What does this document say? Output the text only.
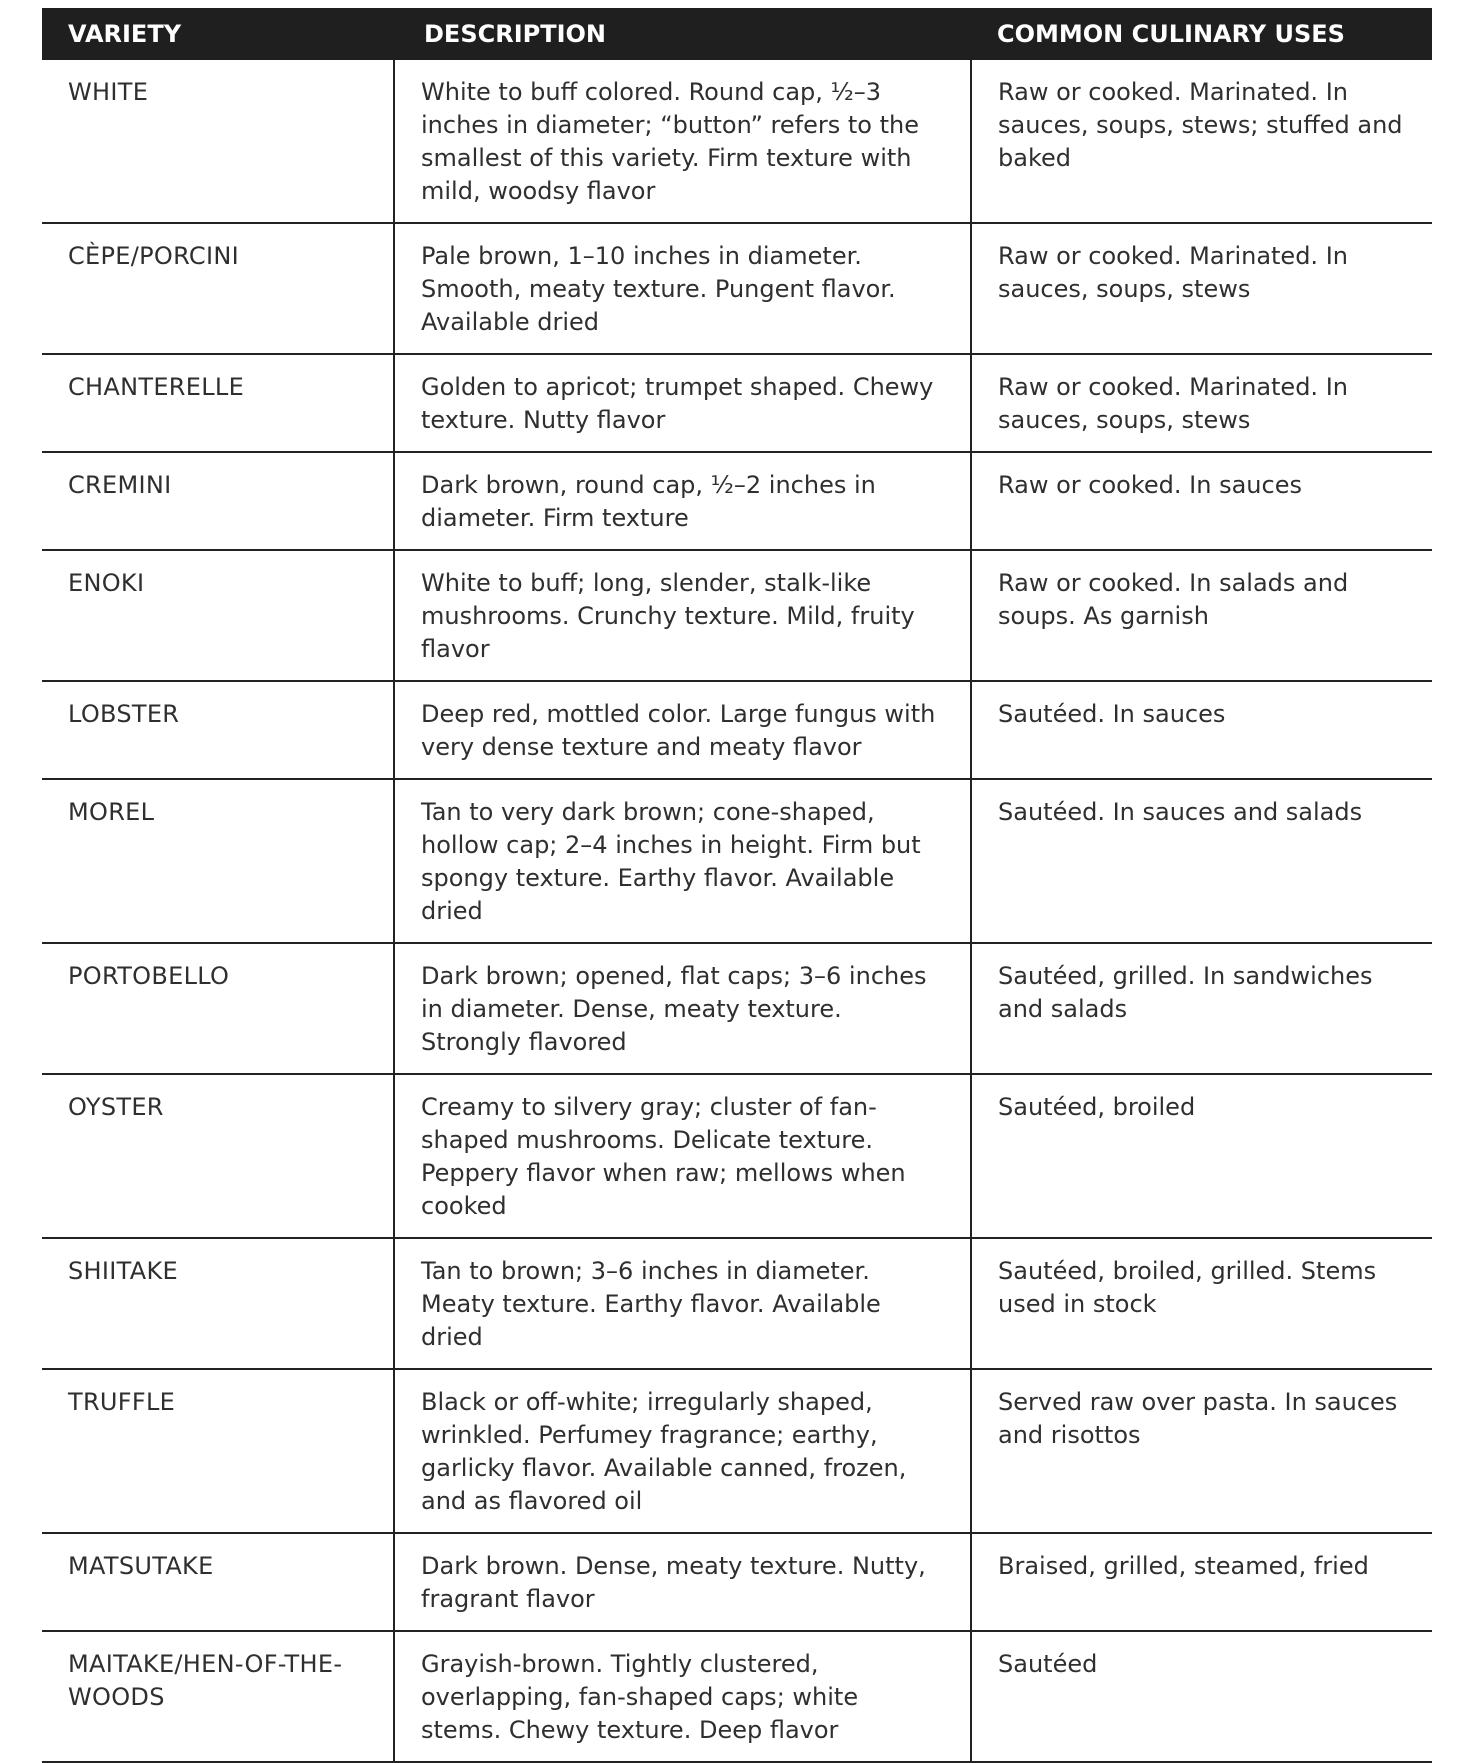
VARIETY	DESCRIPTION	COMMON CULINARY USES
WHITE	White to buff colored. Round cap, ½–3 inches in diameter; “button” refers to the smallest of this variety. Firm texture with mild, woodsy flavor	Raw or cooked. Marinated. In sauces, soups, stews; stuffed and baked
CÈPE/PORCINI	Pale brown, 1–10 inches in diameter. Smooth, meaty texture. Pungent flavor. Available dried	Raw or cooked. Marinated. In sauces, soups, stews
CHANTERELLE	Golden to apricot; trumpet shaped. Chewy texture. Nutty flavor	Raw or cooked. Marinated. In sauces, soups, stews
CREMINI	Dark brown, round cap, ½–2 inches in diameter. Firm texture	Raw or cooked. In sauces
ENOKI	White to buff; long, slender, stalk-like mushrooms. Crunchy texture. Mild, fruity flavor	Raw or cooked. In salads and soups. As garnish
LOBSTER	Deep red, mottled color. Large fungus with very dense texture and meaty flavor	Sautéed. In sauces
MOREL	Tan to very dark brown; cone-shaped, hollow cap; 2–4 inches in height. Firm but spongy texture. Earthy flavor. Available dried	Sautéed. In sauces and salads
PORTOBELLO	Dark brown; opened, flat caps; 3–6 inches in diameter. Dense, meaty texture. Strongly flavored	Sautéed, grilled. In sandwiches and salads
OYSTER	Creamy to silvery gray; cluster of fan-shaped mushrooms. Delicate texture. Peppery flavor when raw; mellows when cooked	Sautéed, broiled
SHIITAKE	Tan to brown; 3–6 inches in diameter. Meaty texture. Earthy flavor. Available dried	Sautéed, broiled, grilled. Stems used in stock
TRUFFLE	Black or off-white; irregularly shaped, wrinkled. Perfumey fragrance; earthy, garlicky flavor. Available canned, frozen, and as flavored oil	Served raw over pasta. In sauces and risottos
MATSUTAKE	Dark brown. Dense, meaty texture. Nutty, fragrant flavor	Braised, grilled, steamed, fried
MAITAKE/HEN-OF-THE-WOODS	Grayish-brown. Tightly clustered, overlapping, fan-shaped caps; white stems. Chewy texture. Deep flavor	Sautéed
